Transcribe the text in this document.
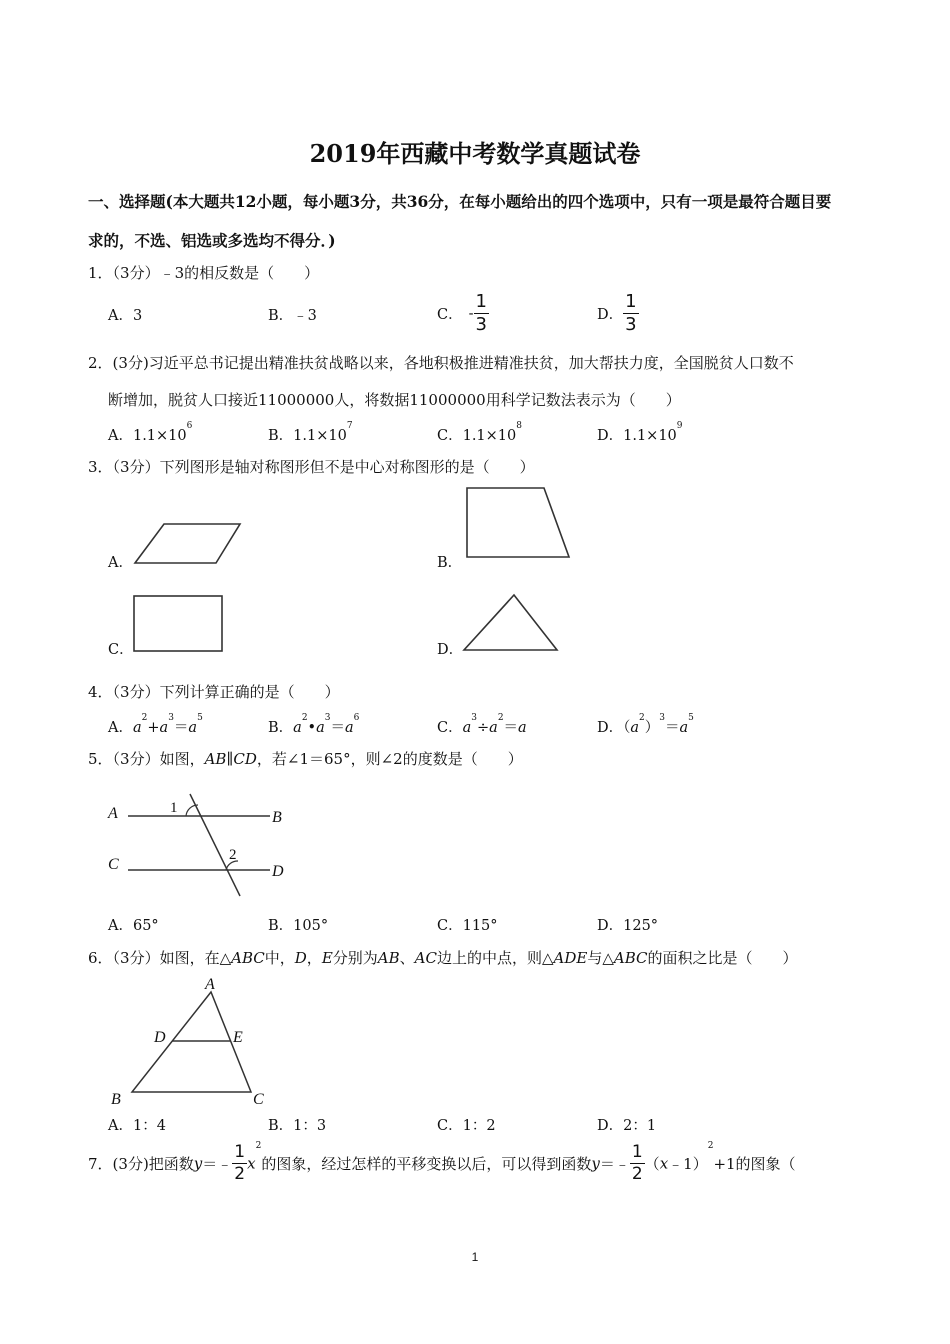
2019年西藏中考数学真题试卷
一、选择题(本大题共12小题，每小题3分，共36分，在每小题给出的四个选项中，只有一项是最符合题目要
求的，不选、铝选或多选均不得分．)
1．（3分）﹣3的相反数是（　　）
A．3	B．﹣3	C． - $\frac{1}{3}$	D． $\frac{1}{3}$
2．(3分)习近平总书记提出精准扶贫战略以来，各地积极推进精准扶贫，加大帮扶力度，全国脱贫人口数不
断增加，脱贫人口接近11000000人，将数据11000000用科学记数法表示为（　　）
A．$1.1\times 10^6$
B．$1.1\times 10^7$
C．$1.1\times 10^8$
D．$1.1\times 10^9$
3．（3分）下列图形是轴对称图形但不是中心对称图形的是（　　）
A．	B．
C．	D．
4．（3分）下列计算正确的是（　　）
A．$a^2+a^3=a^5$
B．$a^2•a^3=a^6$
C．$a^3\div a^2=a$	D．$(a^2)^3=a^5$
5．（3分）如图，AB∥CD，若∠1＝65°，则∠2的度数是（　　）
A	B
C	D
1
2
A．65°	B．105°	C．115°	D．125°
6．（3分）如图，在△ABC中，D，E分别为AB、AC边上的中点，则△ADE与△ABC的面积之比是（　　）
A
B	C
D	E
A．1：4	B．1：3	C．1：2	D．2：1
7．(3分)把函数y＝﹣ $\frac{1}{2} x^2$的图象，经过怎样的平移变换以后，可以得到函数y＝﹣ $\frac{1}{2}$ （x﹣1）$^2$+1的图象（
1
